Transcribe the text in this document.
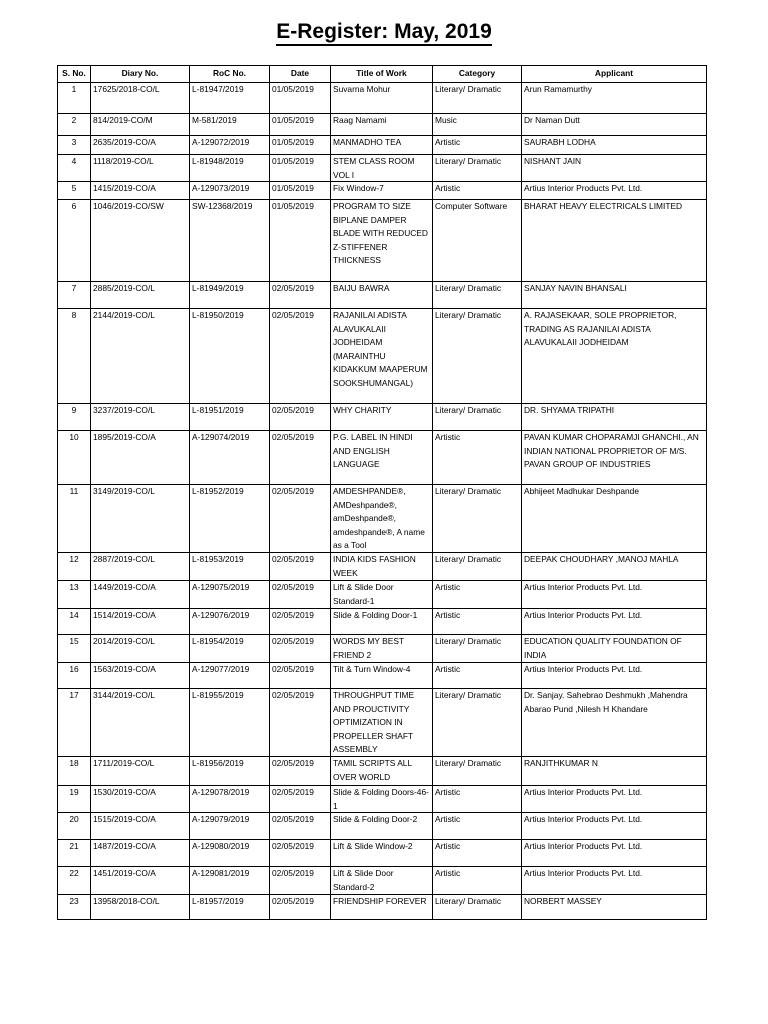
E-Register: May, 2019
S. No.	Diary No.	RoC No.	Date	Title of Work	Category	Applicant

1	17625/2018-CO/L	L-81947/2019	01/05/2019	Suvarna Mohur	Literary/ Dramatic	Arun Ramamurthy

2	814/2019-CO/M	M-581/2019	01/05/2019	Raag Namami	Music	Dr Naman Dutt

3	2635/2019-CO/A	A-129072/2019	01/05/2019	MANMADHO TEA	Artistic	SAURABH LODHA

4	1118/2019-CO/L	L-81948/2019	01/05/2019	STEM CLASS ROOM VOL I	Literary/ Dramatic	NISHANT JAIN

5	1415/2019-CO/A	A-129073/2019	01/05/2019	Fix Window-7	Artistic	Artius Interior Products Pvt. Ltd.

6	1046/2019-CO/SW	SW-12368/2019	01/05/2019	PROGRAM TO SIZE BIPLANE DAMPER BLADE WITH REDUCED Z-STIFFENER THICKNESS	Computer Software	BHARAT HEAVY ELECTRICALS LIMITED

7	2885/2019-CO/L	L-81949/2019	02/05/2019	BAIJU BAWRA	Literary/ Dramatic	SANJAY NAVIN BHANSALI

8	2144/2019-CO/L	L-81950/2019	02/05/2019	RAJANILAI ADISTA ALAVUKALAII JODHEIDAM (MARAINTHU KIDAKKUM MAAPERUM SOOKSHUMANGAL)	Literary/ Dramatic	A. RAJASEKAAR, SOLE PROPRIETOR, TRADING AS RAJANILAI ADISTA ALAVUKALAII JODHEIDAM

9	3237/2019-CO/L	L-81951/2019	02/05/2019	WHY CHARITY	Literary/ Dramatic	DR. SHYAMA TRIPATHI

10	1895/2019-CO/A	A-129074/2019	02/05/2019	P.G. LABEL IN HINDI AND ENGLISH LANGUAGE	Artistic	PAVAN KUMAR CHOPARAMJI GHANCHI., AN INDIAN NATIONAL PROPRIETOR OF M/S. PAVAN GROUP OF INDUSTRIES

11	3149/2019-CO/L	L-81952/2019	02/05/2019	AMDESHPANDE®, AMDeshpande®, amDeshpande®, amdeshpande®, A name as a Tool	Literary/ Dramatic	Abhijeet Madhukar Deshpande

12	2887/2019-CO/L	L-81953/2019	02/05/2019	INDIA KIDS FASHION WEEK	Literary/ Dramatic	DEEPAK CHOUDHARY ,MANOJ MAHLA

13	1449/2019-CO/A	A-129075/2019	02/05/2019	Lift & Slide Door Standard-1	Artistic	Artius Interior Products Pvt. Ltd.

14	1514/2019-CO/A	A-129076/2019	02/05/2019	Slide & Folding Door-1	Artistic	Artius Interior Products Pvt. Ltd.

15	2014/2019-CO/L	L-81954/2019	02/05/2019	WORDS MY BEST FRIEND 2	Literary/ Dramatic	EDUCATION QUALITY FOUNDATION OF INDIA

16	1563/2019-CO/A	A-129077/2019	02/05/2019	Tilt & Turn Window-4	Artistic	Artius Interior Products Pvt. Ltd.

17	3144/2019-CO/L	L-81955/2019	02/05/2019	THROUGHPUT TIME AND PROUCTIVITY OPTIMIZATION IN PROPELLER SHAFT ASSEMBLY	Literary/ Dramatic	Dr. Sanjay. Sahebrao Deshmukh ,Mahendra Abarao Pund ,Nilesh H Khandare

18	1711/2019-CO/L	L-81956/2019	02/05/2019	TAMIL SCRIPTS ALL OVER WORLD	Literary/ Dramatic	RANJITHKUMAR N

19	1530/2019-CO/A	A-129078/2019	02/05/2019	Slide & Folding Doors-46-1	Artistic	Artius Interior Products Pvt. Ltd.

20	1515/2019-CO/A	A-129079/2019	02/05/2019	Slide & Folding Door-2	Artistic	Artius Interior Products Pvt. Ltd.

21	1487/2019-CO/A	A-129080/2019	02/05/2019	Lift & Slide Window-2	Artistic	Artius Interior Products Pvt. Ltd.

22	1451/2019-CO/A	A-129081/2019	02/05/2019	Lift & Slide Door Standard-2	Artistic	Artius Interior Products Pvt. Ltd.

23	13958/2018-CO/L	L-81957/2019	02/05/2019	FRIENDSHIP FOREVER	Literary/ Dramatic	NORBERT MASSEY
